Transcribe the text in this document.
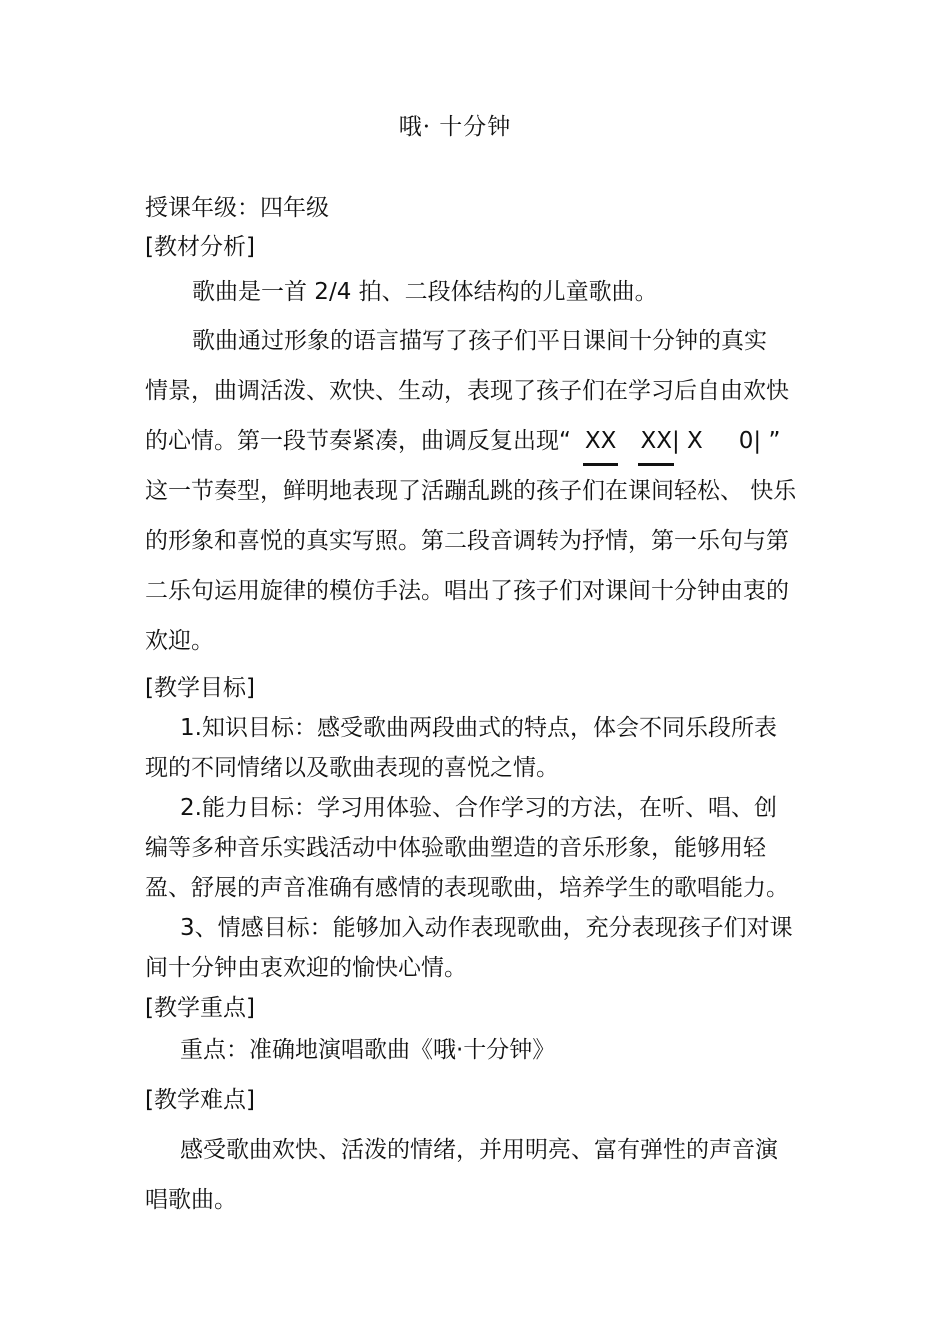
哦· 十分钟
授课年级：四年级
[教材分析]
歌曲是一首 2/4 拍、二段体结构的儿童歌曲。
歌曲通过形象的语言描写了孩子们平日课间十分钟的真实
情景，曲调活泼、欢快、生动，表现了孩子们在学习后自由欢快
的心情。第一段节奏紧凑，曲调反复出现“ XX XX| X 0| ”
这一节奏型，鲜明地表现了活蹦乱跳的孩子们在课间轻松、 快乐
的形象和喜悦的真实写照。第二段音调转为抒情，第一乐句与第
二乐句运用旋律的模仿手法。唱出了孩子们对课间十分钟由衷的
欢迎。
[教学目标]
1.知识目标：感受歌曲两段曲式的特点，体会不同乐段所表
现的不同情绪以及歌曲表现的喜悦之情。
2.能力目标：学习用体验、合作学习的方法，在听、唱、创
编等多种音乐实践活动中体验歌曲塑造的音乐形象，能够用轻
盈、舒展的声音准确有感情的表现歌曲，培养学生的歌唱能力。
3、情感目标：能够加入动作表现歌曲，充分表现孩子们对课
间十分钟由衷欢迎的愉快心情。
[教学重点]
重点：准确地演唱歌曲《哦·十分钟》
[教学难点]
感受歌曲欢快、活泼的情绪，并用明亮、富有弹性的声音演
唱歌曲。
